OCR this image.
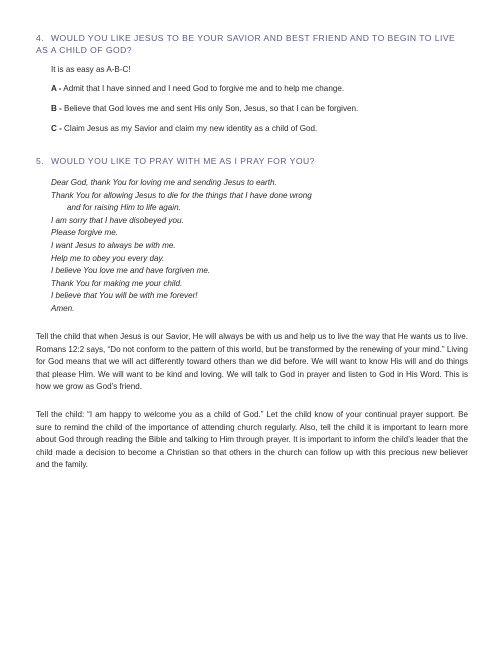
4. WOULD YOU LIKE JESUS TO BE YOUR SAVIOR AND BEST FRIEND AND TO BEGIN TO LIVE AS A CHILD OF GOD?
It is as easy as A-B-C!
A - Admit that I have sinned and I need God to forgive me and to help me change.
B - Believe that God loves me and sent His only Son, Jesus, so that I can be forgiven.
C - Claim Jesus as my Savior and claim my new identity as a child of God.
5. WOULD YOU LIKE TO PRAY WITH ME AS I PRAY FOR YOU?
Dear God, thank You for loving me and sending Jesus to earth.
Thank You for allowing Jesus to die for the things that I have done wrong
and for raising Him to life again.
I am sorry that I have disobeyed you.
Please forgive me.
I want Jesus to always be with me.
Help me to obey you every day.
I believe You love me and have forgiven me.
Thank You for making me your child.
I believe that You will be with me forever!
Amen.
Tell the child that when Jesus is our Savior, He will always be with us and help us to live the way that He wants us to live. Romans 12:2 says, “Do not conform to the pattern of this world, but be transformed by the renewing of your mind.” Living for God means that we will act differently toward others than we did before. We will want to know His will and do things that please Him. We will want to be kind and loving. We will talk to God in prayer and listen to God in His Word. This is how we grow as God’s friend.
Tell the child: “I am happy to welcome you as a child of God.” Let the child know of your continual prayer support. Be sure to remind the child of the importance of attending church regularly. Also, tell the child it is important to learn more about God through reading the Bible and talking to Him through prayer. It is important to inform the child’s leader that the child made a decision to become a Christian so that others in the church can follow up with this precious new believer and the family.
